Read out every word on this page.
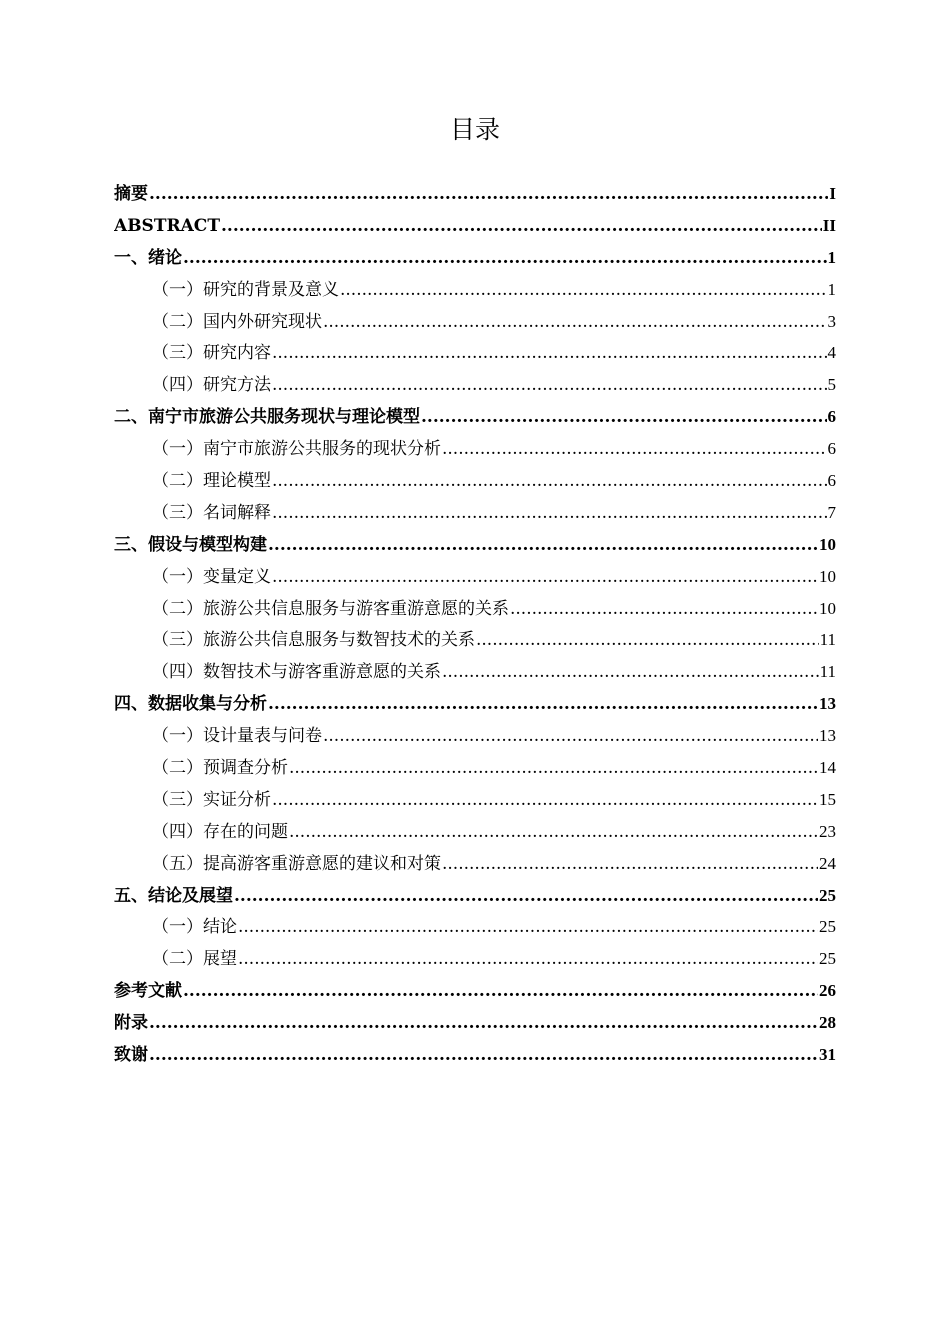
目录
摘要 .....	I
ABSTRACT .....	II
一、绪论 .....	1
（一）研究的背景及意义 .....	1
（二）国内外研究现状 .....	3
（三）研究内容 .....	4
（四）研究方法 .....	5
二、南宁市旅游公共服务现状与理论模型 .....	6
（一）南宁市旅游公共服务的现状分析 .....	6
（二）理论模型 .....	6
（三）名词解释 .....	7
三、假设与模型构建 .....	10
（一）变量定义 .....	10
（二）旅游公共信息服务与游客重游意愿的关系 .....	10
（三）旅游公共信息服务与数智技术的关系 .....	11
（四）数智技术与游客重游意愿的关系 .....	11
四、数据收集与分析 .....	13
（一）设计量表与问卷 .....	13
（二）预调查分析 .....	14
（三）实证分析 .....	15
（四）存在的问题 .....	23
（五）提高游客重游意愿的建议和对策 .....	24
五、结论及展望 .....	25
（一）结论 .....	25
（二）展望 .....	25
参考文献 .....	26
附录 .....	28
致谢 .....	31
